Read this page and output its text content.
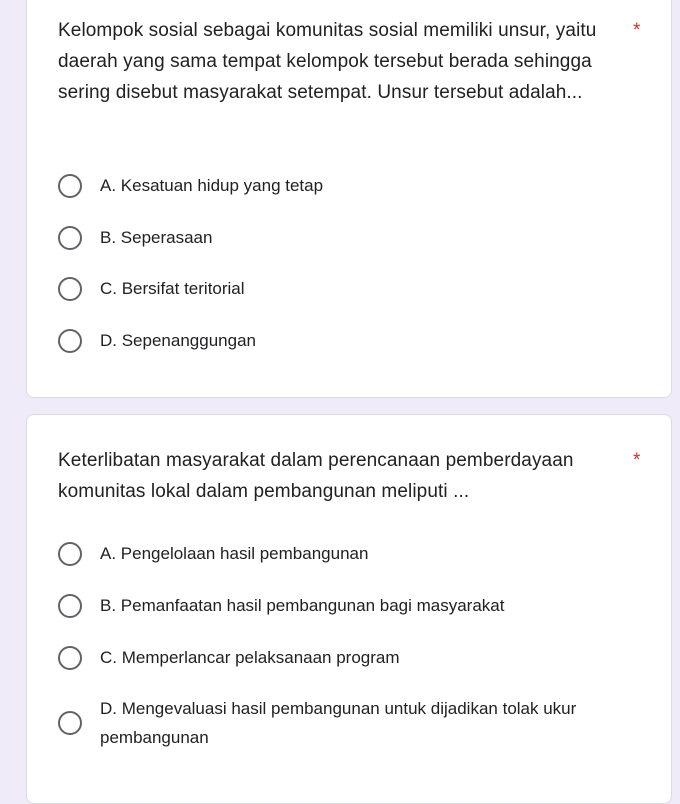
Kelompok sosial sebagai komunitas sosial memiliki unsur, yaitu daerah yang sama tempat kelompok tersebut berada sehingga sering disebut masyarakat setempat. Unsur tersebut adalah...
*
A. Kesatuan hidup yang tetap
B. Seperasaan
C. Bersifat teritorial
D. Sepenanggungan
Keterlibatan masyarakat dalam perencanaan pemberdayaan komunitas lokal dalam pembangunan meliputi ...
*
A. Pengelolaan hasil pembangunan
B. Pemanfaatan hasil pembangunan bagi masyarakat
C. Memperlancar pelaksanaan program
D. Mengevaluasi hasil pembangunan untuk dijadikan tolak ukur pembangunan
